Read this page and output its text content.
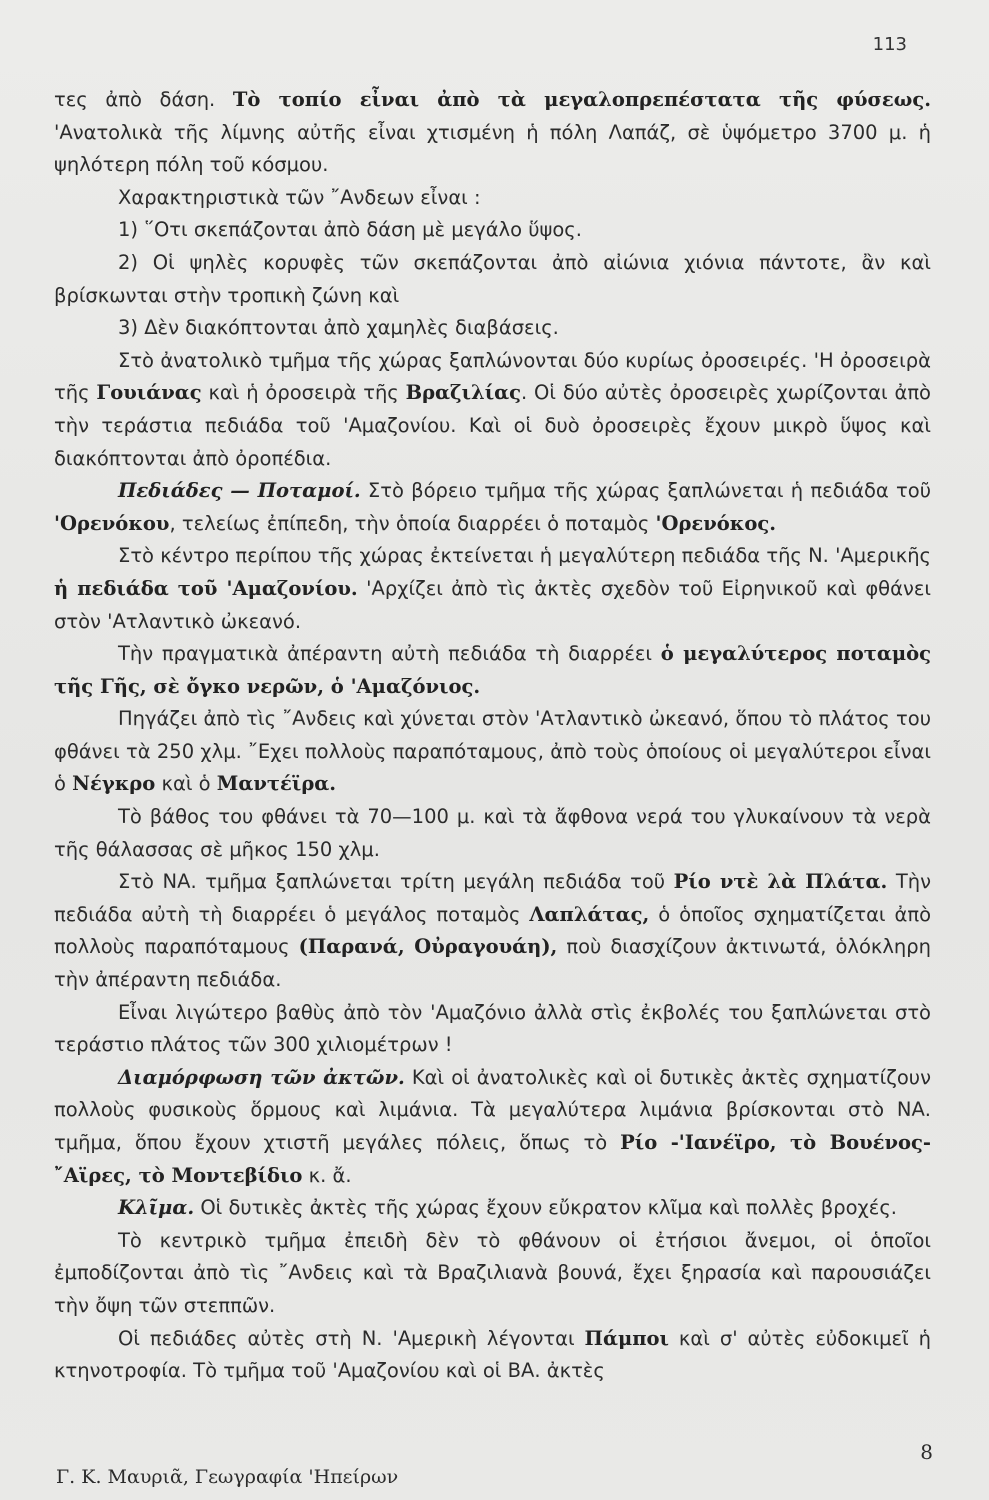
113

τες ἀπὸ δάση. Τὸ τοπίο εἶναι ἀπὸ τὰ μεγαλοπρεπέστατα τῆς φύσεως. 'Ανατολικὰ τῆς λίμνης αὐτῆς εἶναι χτισμένη ἡ πόλη Λαπάζ, σὲ ὑψόμετρο 3700 μ. ἡ ψηλότερη πόλη τοῦ κόσμου.

Χαρακτηριστικὰ τῶν ῎Ανδεων εἶναι :

1) ῞Οτι σκεπάζονται ἀπὸ δάση μὲ μεγάλο ὕψος.

2) Οἱ ψηλὲς κορυφὲς τῶν σκεπάζονται ἀπὸ αἰώνια χιόνια πάντοτε, ἂν καὶ βρίσκωνται στὴν τροπικὴ ζώνη καὶ

3) Δὲν διακόπτονται ἀπὸ χαμηλὲς διαβάσεις.

Στὸ ἀνατολικὸ τμῆμα τῆς χώρας ξαπλώνονται δύο κυρίως ὀροσειρές. 'Η ὀροσειρὰ τῆς Γουιάνας καὶ ἡ ὀροσειρὰ τῆς Βραζιλίας. Οἱ δύο αὐτὲς ὀροσειρὲς χωρίζονται ἀπὸ τὴν τεράστια πεδιάδα τοῦ 'Αμαζονίου. Καὶ οἱ δυὸ ὀροσειρὲς ἔχουν μικρὸ ὕψος καὶ διακόπτονται ἀπὸ ὀροπέδια.

Πεδιάδες — Ποταμοί. Στὸ βόρειο τμῆμα τῆς χώρας ξαπλώνεται ἡ πεδιάδα τοῦ 'Ορενόκου, τελείως ἐπίπεδη, τὴν ὁποία διαρρέει ὁ ποταμὸς 'Ορενόκος.

Στὸ κέντρο περίπου τῆς χώρας ἐκτείνεται ἡ μεγαλύτερη πεδιάδα τῆς Ν. 'Αμερικῆς ἡ πεδιάδα τοῦ 'Αμαζονίου. 'Αρχίζει ἀπὸ τὶς ἀκτὲς σχεδὸν τοῦ Εἰρηνικοῦ καὶ φθάνει στὸν 'Ατλαντικὸ ὠκεανό.

Τὴν πραγματικὰ ἀπέραντη αὐτὴ πεδιάδα τὴ διαρρέει ὁ μεγαλύτερος ποταμὸς τῆς Γῆς, σὲ ὄγκο νερῶν, ὁ 'Αμαζόνιος.

Πηγάζει ἀπὸ τὶς ῎Ανδεις καὶ χύνεται στὸν 'Ατλαντικὸ ὠκεανό, ὅπου τὸ πλάτος του φθάνει τὰ 250 χλμ. ῎Εχει πολλοὺς παραπόταμους, ἀπὸ τοὺς ὁποίους οἱ μεγαλύτεροι εἶναι ὁ Νέγκρο καὶ ὁ Μαντέϊρα.

Τὸ βάθος του φθάνει τὰ 70—100 μ. καὶ τὰ ἄφθονα νερά του γλυκαίνουν τὰ νερὰ τῆς θάλασσας σὲ μῆκος 150 χλμ.

Στὸ ΝΑ. τμῆμα ξαπλώνεται τρίτη μεγάλη πεδιάδα τοῦ Ρίο ντὲ λὰ Πλάτα. Τὴν πεδιάδα αὐτὴ τὴ διαρρέει ὁ μεγάλος ποταμὸς Λαπλάτας, ὁ ὁποῖος σχηματίζεται ἀπὸ πολλοὺς παραπόταμους (Παρανά, Οὐραγουάη), ποὺ διασχίζουν ἀκτινωτά, ὁλόκληρη τὴν ἀπέραντη πεδιάδα.

Εἶναι λιγώτερο βαθὺς ἀπὸ τὸν 'Αμαζόνιο ἀλλὰ στὶς ἐκβολές του ξαπλώνεται στὸ τεράστιο πλάτος τῶν 300 χιλιομέτρων !

Διαμόρφωση τῶν ἀκτῶν. Καὶ οἱ ἀνατολικὲς καὶ οἱ δυτικὲς ἀκτὲς σχηματίζουν πολλοὺς φυσικοὺς ὅρμους καὶ λιμάνια. Τὰ μεγαλύτερα λιμάνια βρίσκονται στὸ ΝΑ. τμῆμα, ὅπου ἔχουν χτιστῆ μεγάλες πόλεις, ὅπως τὸ Ρίο -'Ιανέϊρο, τὸ Βουένος-῎Αϊρες, τὸ Μοντεβίδιο κ. ἄ.

Κλῖμα. Οἱ δυτικὲς ἀκτὲς τῆς χώρας ἔχουν εὔκρατον κλῖμα καὶ πολλὲς βροχές.

Τὸ κεντρικὸ τμῆμα ἐπειδὴ δὲν τὸ φθάνουν οἱ ἐτήσιοι ἄνεμοι, οἱ ὁποῖοι ἐμποδίζονται ἀπὸ τὶς ῎Ανδεις καὶ τὰ Βραζιλιανὰ βουνά, ἔχει ξηρασία καὶ παρουσιάζει τὴν ὄψη τῶν στεππῶν.

Οἱ πεδιάδες αὐτὲς στὴ Ν. 'Αμερικὴ λέγονται Πάμποι καὶ σ' αὐτὲς εὐδοκιμεῖ ἡ κτηνοτροφία. Τὸ τμῆμα τοῦ 'Αμαζονίου καὶ οἱ ΒΑ. ἀκτὲς

8
Γ. Κ. Μαυριᾶ, Γεωγραφία 'Ηπείρων
